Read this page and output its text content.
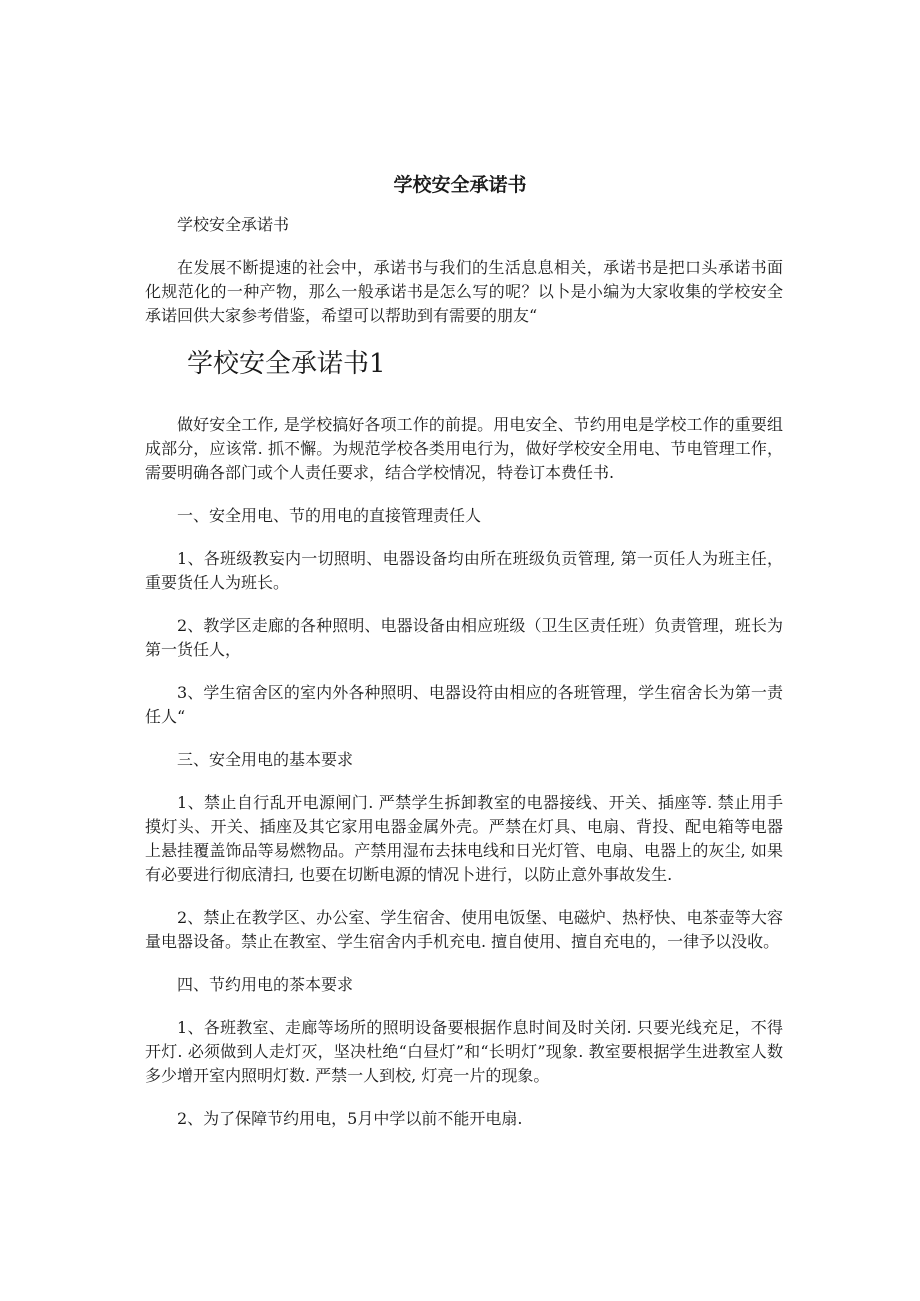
学校安全承诺书

学校安全承诺书

在发展不断提速的社会中，承诺书与我们的生活息息相关，承诺书是把口头承诺书面化规范化的一种产物，那么一般承诺书是怎么写的呢？以卜是小编为大家收集的学校安全承诺回供大家参考借鉴，希望可以帮助到有需要的朋友“

学校安全承诺书1

做好安全工作, 是学校搞好各项工作的前提。用电安全、节约用电是学校工作的重要组成部分，应该常. 抓不懈。为规范学校各类用电行为，做好学校安全用电、节电管理工作，需要明确各部门或个人责任要求，结合学校情况，特卷订本费任书.

一、安全用电、节的用电的直接管理责任人

1、各班级教妄内一切照明、电器设备均由所在班级负贡管理, 第一页任人为班主任，重要货任人为班长。

2、教学区走廊的各种照明、电器设备由相应班级（卫生区责任班）负责管理，班长为第一货任人，

3、学生宿舍区的室内外各种照明、电器设符由相应的各班管理，学生宿舍长为第一责任人“

三、安全用电的基本要求

1、禁止自行乱开电源闸门. 严禁学生拆卸教室的电器接线、开关、插座等. 禁止用手摸灯头、开关、插座及其它家用电器金属外壳。严禁在灯具、电扇、背投、配电箱等电器上悬挂覆盖饰品等易燃物品。产禁用湿布去抹电线和日光灯管、电扇、电器上的灰尘, 如果有必要进行彻底清扫, 也要在切断电源的情况卜进行，以防止意外事故发生.

2、禁止在教学区、办公室、学生宿舍、使用电饭堡、电磁炉、热杼快、电茶壶等大容量电器设备。禁止在教室、学生宿舍内手机充电. 擅自使用、擅自充电的，一律予以没收。

四、节约用电的茶本要求

1、各班教室、走廊等场所的照明设备要根据作息时间及时关闭. 只要光线充足，不得开灯. 必须做到人走灯灭，坚决杜绝“白昼灯”和“长明灯”现象. 教室要根据学生进教室人数多少增开室内照明灯数. 严禁一人到校, 灯亮一片的现象。

2、为了保障节约用电，5月中学以前不能开电扇.
